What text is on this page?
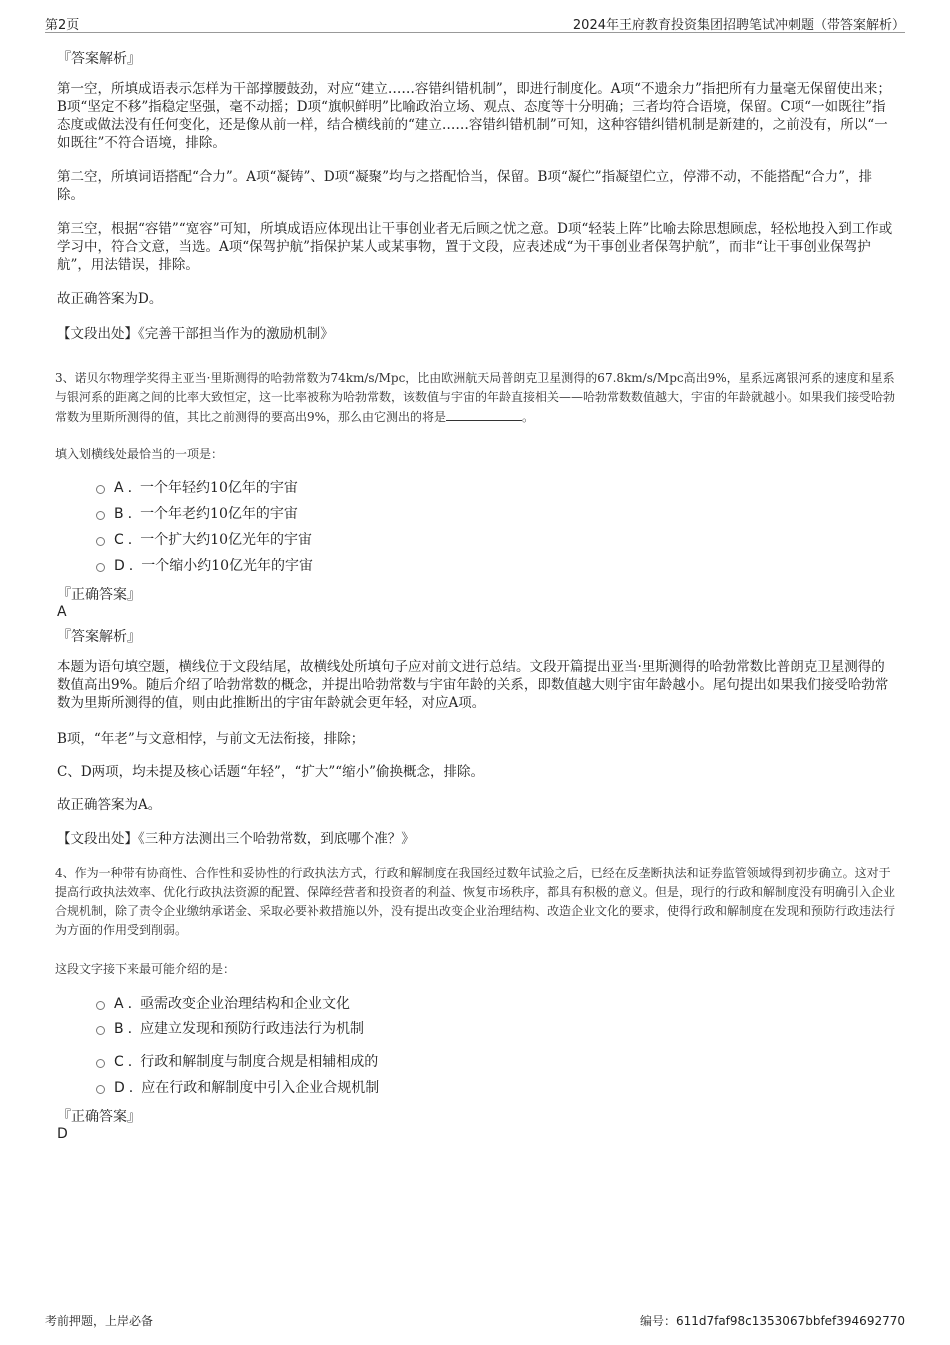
第2页	2024年王府教育投资集团招聘笔试冲刺题（带答案解析）
『答案解析』

第一空，所填成语表示怎样为干部撑腰鼓劲，对应“建立……容错纠错机制”，即进行制度化。A项“不遗余力”指把所有力量毫无保留使出来；B项“坚定不移”指稳定坚强，毫不动摇；D项“旗帜鲜明”比喻政治立场、观点、态度等十分明确；三者均符合语境，保留。C项“一如既往”指态度或做法没有任何变化，还是像从前一样，结合横线前的“建立……容错纠错机制”可知，这种容错纠错机制是新建的，之前没有，所以“一如既往”不符合语境，排除。

第二空，所填词语搭配“合力”。A项“凝铸”、D项“凝聚”均与之搭配恰当，保留。B项“凝伫”指凝望伫立，停滞不动，不能搭配“合力”，排除。

第三空，根据“容错”“宽容”可知，所填成语应体现出让干事创业者无后顾之忧之意。D项“轻装上阵”比喻去除思想顾虑，轻松地投入到工作或学习中，符合文意，当选。A项“保驾护航”指保护某人或某事物，置于文段，应表述成“为干事创业者保驾护航”，而非“让干事创业保驾护航”，用法错误，排除。

故正确答案为D。

【文段出处】《完善干部担当作为的激励机制》

3、诺贝尔物理学奖得主亚当·里斯测得的哈勃常数为74km/s/Mpc，比由欧洲航天局普朗克卫星测得的67.8km/s/Mpc高出9%，星系远离银河系的速度和星系与银河系的距离之间的比率大致恒定，这一比率被称为哈勃常数，该数值与宇宙的年龄直接相关——哈勃常数数值越大，宇宙的年龄就越小。如果我们接受哈勃常数为里斯所测得的值，其比之前测得的要高出9%，那么由它测出的将是	。

填入划横线处最恰当的一项是：
A . 一个年轻约10亿年的宇宙
B . 一个年老约10亿年的宇宙
C . 一个扩大约10亿光年的宇宙
D . 一个缩小约10亿光年的宇宙
『正确答案』
A
『答案解析』

本题为语句填空题，横线位于文段结尾，故横线处所填句子应对前文进行总结。文段开篇提出亚当·里斯测得的哈勃常数比普朗克卫星测得的数值高出9%。随后介绍了哈勃常数的概念，并提出哈勃常数与宇宙年龄的关系，即数值越大则宇宙年龄越小。尾句提出如果我们接受哈勃常数为里斯所测得的值，则由此推断出的宇宙年龄就会更年轻，对应A项。

B项，“年老”与文意相悖，与前文无法衔接，排除；

C、D两项，均未提及核心话题“年轻”，“扩大”“缩小”偷换概念，排除。

故正确答案为A。

【文段出处】《三种方法测出三个哈勃常数，到底哪个准？》

4、作为一种带有协商性、合作性和妥协性的行政执法方式，行政和解制度在我国经过数年试验之后，已经在反垄断执法和证券监管领域得到初步确立。这对于提高行政执法效率、优化行政执法资源的配置、保障经营者和投资者的利益、恢复市场秩序，都具有积极的意义。但是，现行的行政和解制度没有明确引入企业合规机制，除了责令企业缴纳承诺金、采取必要补救措施以外，没有提出改变企业治理结构、改造企业文化的要求，使得行政和解制度在发现和预防行政违法行为方面的作用受到削弱。

这段文字接下来最可能介绍的是：
A . 亟需改变企业治理结构和企业文化
B . 应建立发现和预防行政违法行为机制
C . 行政和解制度与制度合规是相辅相成的
D . 应在行政和解制度中引入企业合规机制
『正确答案』
D
考前押题，上岸必备	编号：611d7faf98c1353067bbfef394692770
